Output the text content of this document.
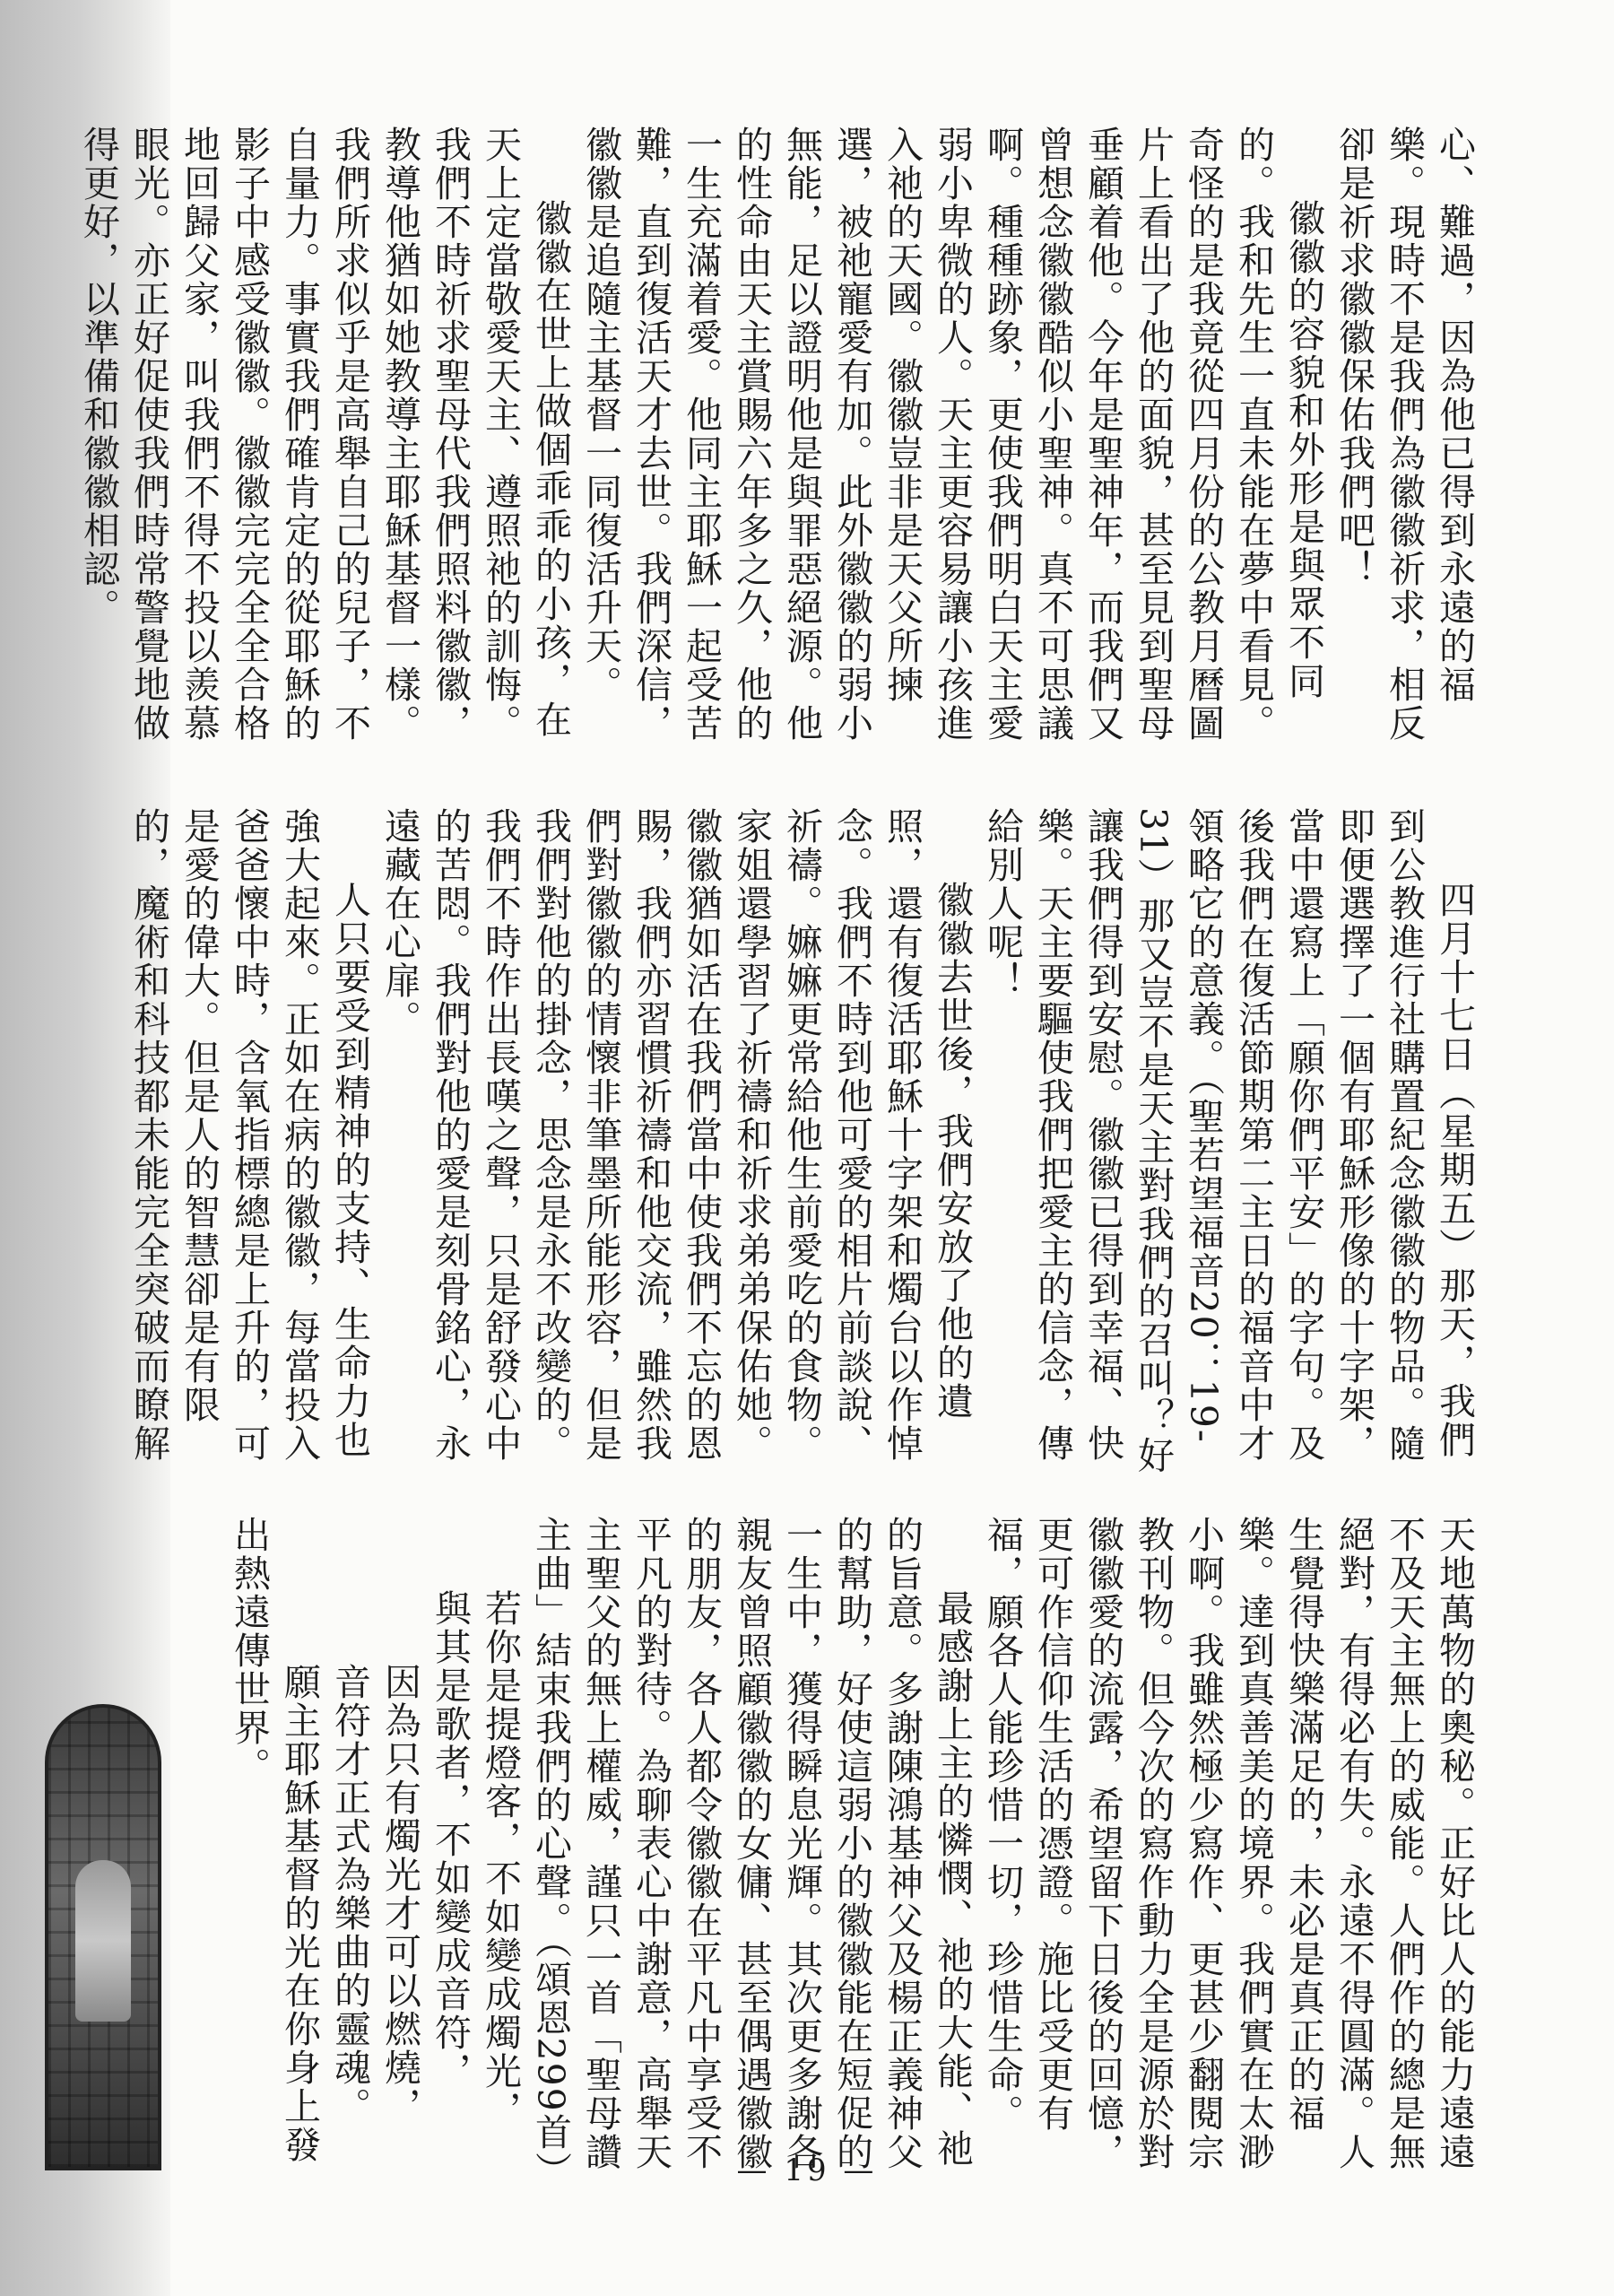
心、難過，因為他已得到永遠的福樂。現時不是我們為徽徽祈求，相反卻是祈求徽徽保佑我們吧！

徽徽的容貌和外形是與眾不同的。我和先生一直未能在夢中看見。奇怪的是我竟從四月份的公教月曆圖片上看出了他的面貌，甚至見到聖母垂顧着他。今年是聖神年，而我們又曾想念徽徽酷似小聖神。真不可思議啊。種種跡象，更使我們明白天主愛弱小卑微的人。天主更容易讓小孩進入祂的天國。徽徽豈非是天父所揀選，被祂寵愛有加。此外徽徽的弱小無能，足以證明他是與罪惡絕源。他的性命由天主賞賜六年多之久，他的一生充滿着愛。他同主耶穌一起受苦難，直到復活天才去世。我們深信，徽徽是追隨主基督一同復活升天。

徽徽在世上做個乖乖的小孩，在天上定當敬愛天主、遵照祂的訓悔。我們不時祈求聖母代我們照料徽徽，教導他猶如她教導主耶穌基督一樣。我們所求似乎是高舉自己的兒子，不自量力。事實我們確肯定的從耶穌的影子中感受徽徽。徽徽完完全全合格地回歸父家，叫我們不得不投以羨慕眼光。亦正好促使我們時常警覺地做得更好，以準備和徽徽相認。

四月十七日（星期五）那天，我們到公教進行社購置紀念徽徽的物品。隨即便選擇了一個有耶穌形像的十字架，當中還寫上「願你們平安」的字句。及後我們在復活節期第二主日的福音中才領略它的意義。（聖若望福音20：19-31）那又豈不是天主對我們的召叫？好讓我們得到安慰。徽徽已得到幸福、快樂。天主要驅使我們把愛主的信念，傳給別人呢！

徽徽去世後，我們安放了他的遺照，還有復活耶穌十字架和燭台以作悼念。我們不時到他可愛的相片前談說、祈禱。嫲嫲更常給他生前愛吃的食物。家姐還學習了祈禱和祈求弟弟保佑她。徽徽猶如活在我們當中使我們不忘的恩賜，我們亦習慣祈禱和他交流，雖然我們對徽徽的情懷非筆墨所能形容，但是我們對他的掛念，思念是永不改變的。我們不時作出長嘆之聲，只是舒發心中的苦悶。我們對他的愛是刻骨銘心，永遠藏在心扉。

人只要受到精神的支持、生命力也強大起來。正如在病的徽徽，每當投入爸爸懷中時，含氧指標總是上升的，可是愛的偉大。但是人的智慧卻是有限的，魔術和科技都未能完全突破而瞭解

天地萬物的奧秘。正好比人的能力遠遠不及天主無上的威能。人們作的總是無絕對，有得必有失。永遠不得圓滿。人生覺得快樂滿足的，未必是真正的福樂。達到真善美的境界。我們實在太渺小啊。我雖然極少寫作、更甚少翻閱宗教刊物。但今次的寫作動力全是源於對徽徽愛的流露，希望留下日後的回憶，更可作信仰生活的憑證。施比受更有福，願各人能珍惜一切，珍惜生命。

最感謝上主的憐憫、祂的大能、祂的旨意。多謝陳鴻基神父及楊正義神父的幫助，好使這弱小的徽徽能在短促的一生中，獲得瞬息光輝。其次更多謝各親友曾照顧徽徽的女傭、甚至偶遇徽徽的朋友，各人都令徽徽在平凡中享受不平凡的對待。為聊表心中謝意，高舉天主聖父的無上權威，謹只一首「聖母讚主曲」結束我們的心聲。（頌恩299首）

若你是提燈客，不如變成燭光，

與其是歌者，不如變成音符，

因為只有燭光才可以燃燒，

音符才正式為樂曲的靈魂。

願主耶穌基督的光在你身上發出熱遠傳世界。

— 19 —
